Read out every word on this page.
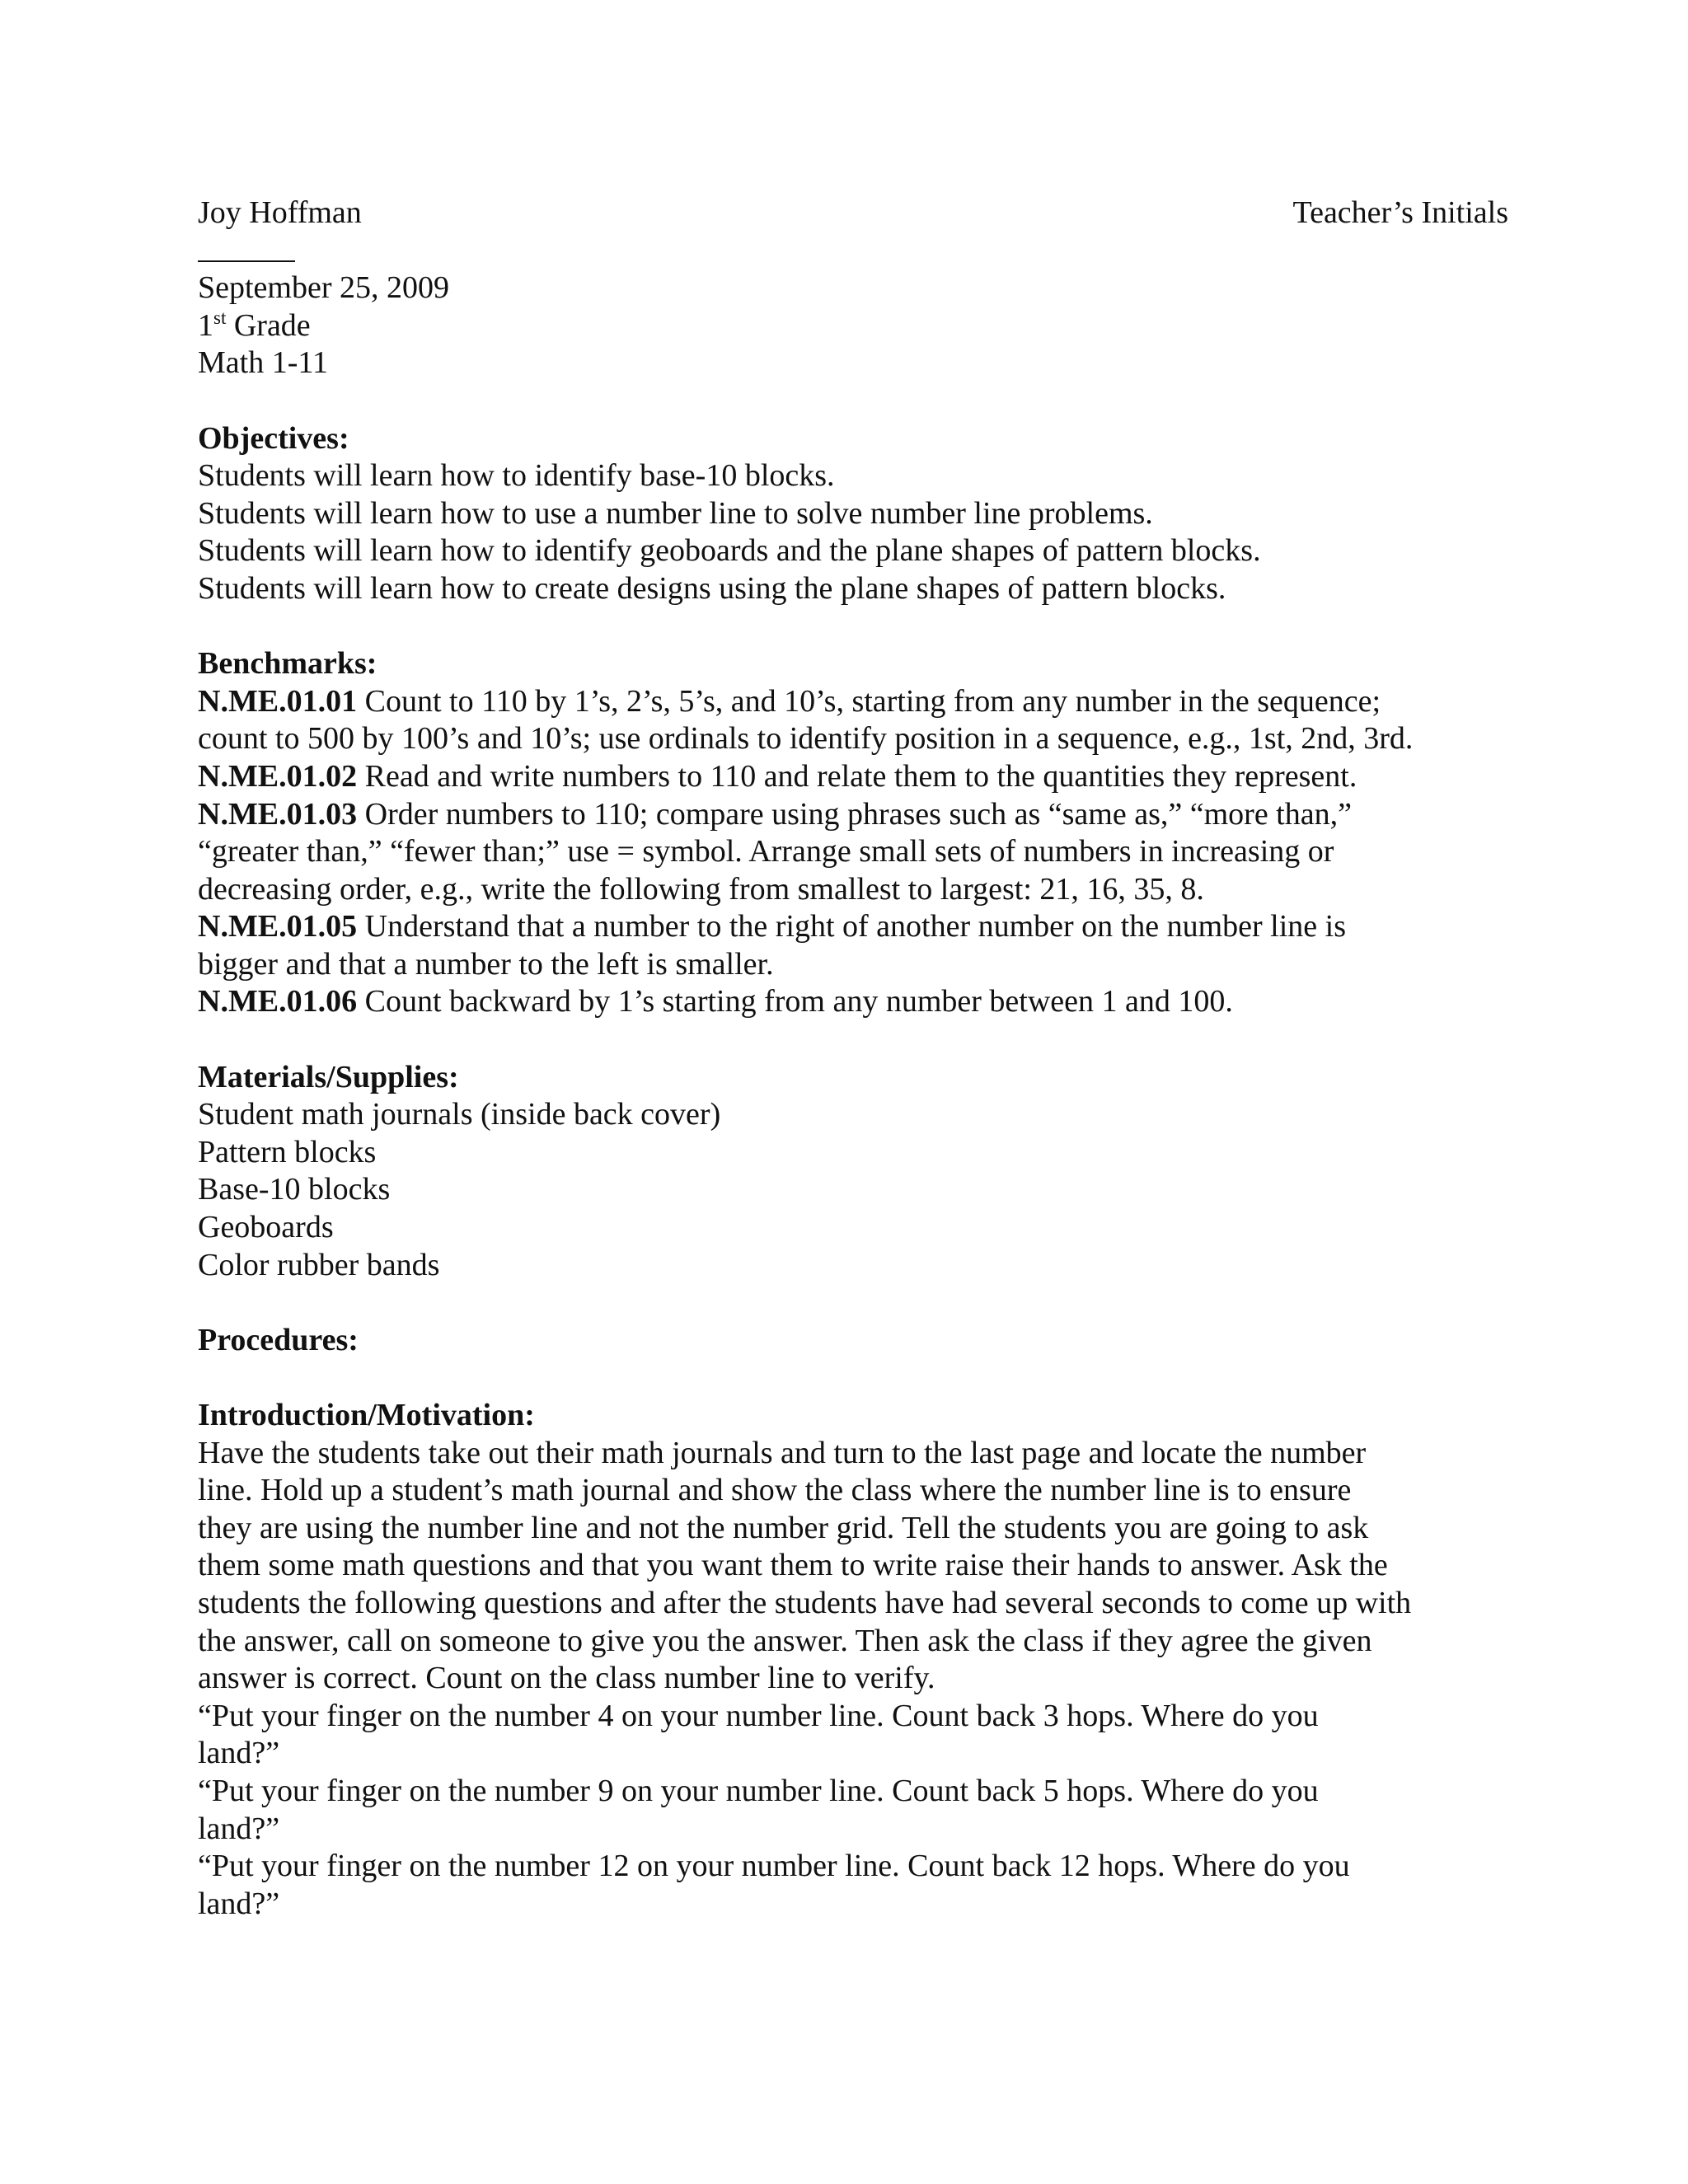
Joy Hoffman	Teacher’s Initials
September 25, 2009
1st Grade
Math 1-11
Objectives:
Students will learn how to identify base-10 blocks.
Students will learn how to use a number line to solve number line problems.
Students will learn how to identify geoboards and the plane shapes of pattern blocks.
Students will learn how to create designs using the plane shapes of pattern blocks.
Benchmarks:
N.ME.01.01 Count to 110 by 1’s, 2’s, 5’s, and 10’s, starting from any number in the sequence;
count to 500 by 100’s and 10’s; use ordinals to identify position in a sequence, e.g., 1st, 2nd, 3rd.
N.ME.01.02 Read and write numbers to 110 and relate them to the quantities they represent.
N.ME.01.03 Order numbers to 110; compare using phrases such as “same as,” “more than,”
“greater than,” “fewer than;” use = symbol. Arrange small sets of numbers in increasing or
decreasing order, e.g., write the following from smallest to largest: 21, 16, 35, 8.
N.ME.01.05 Understand that a number to the right of another number on the number line is
bigger and that a number to the left is smaller.
N.ME.01.06 Count backward by 1’s starting from any number between 1 and 100.
Materials/Supplies:
Student math journals (inside back cover)
Pattern blocks
Base-10 blocks
Geoboards
Color rubber bands
Procedures:
Introduction/Motivation:
Have the students take out their math journals and turn to the last page and locate the number
line. Hold up a student’s math journal and show the class where the number line is to ensure
they are using the number line and not the number grid. Tell the students you are going to ask
them some math questions and that you want them to write raise their hands to answer. Ask the
students the following questions and after the students have had several seconds to come up with
the answer, call on someone to give you the answer. Then ask the class if they agree the given
answer is correct. Count on the class number line to verify.
“Put your finger on the number 4 on your number line. Count back 3 hops. Where do you
land?”
“Put your finger on the number 9 on your number line. Count back 5 hops. Where do you
land?”
“Put your finger on the number 12 on your number line. Count back 12 hops. Where do you
land?”
